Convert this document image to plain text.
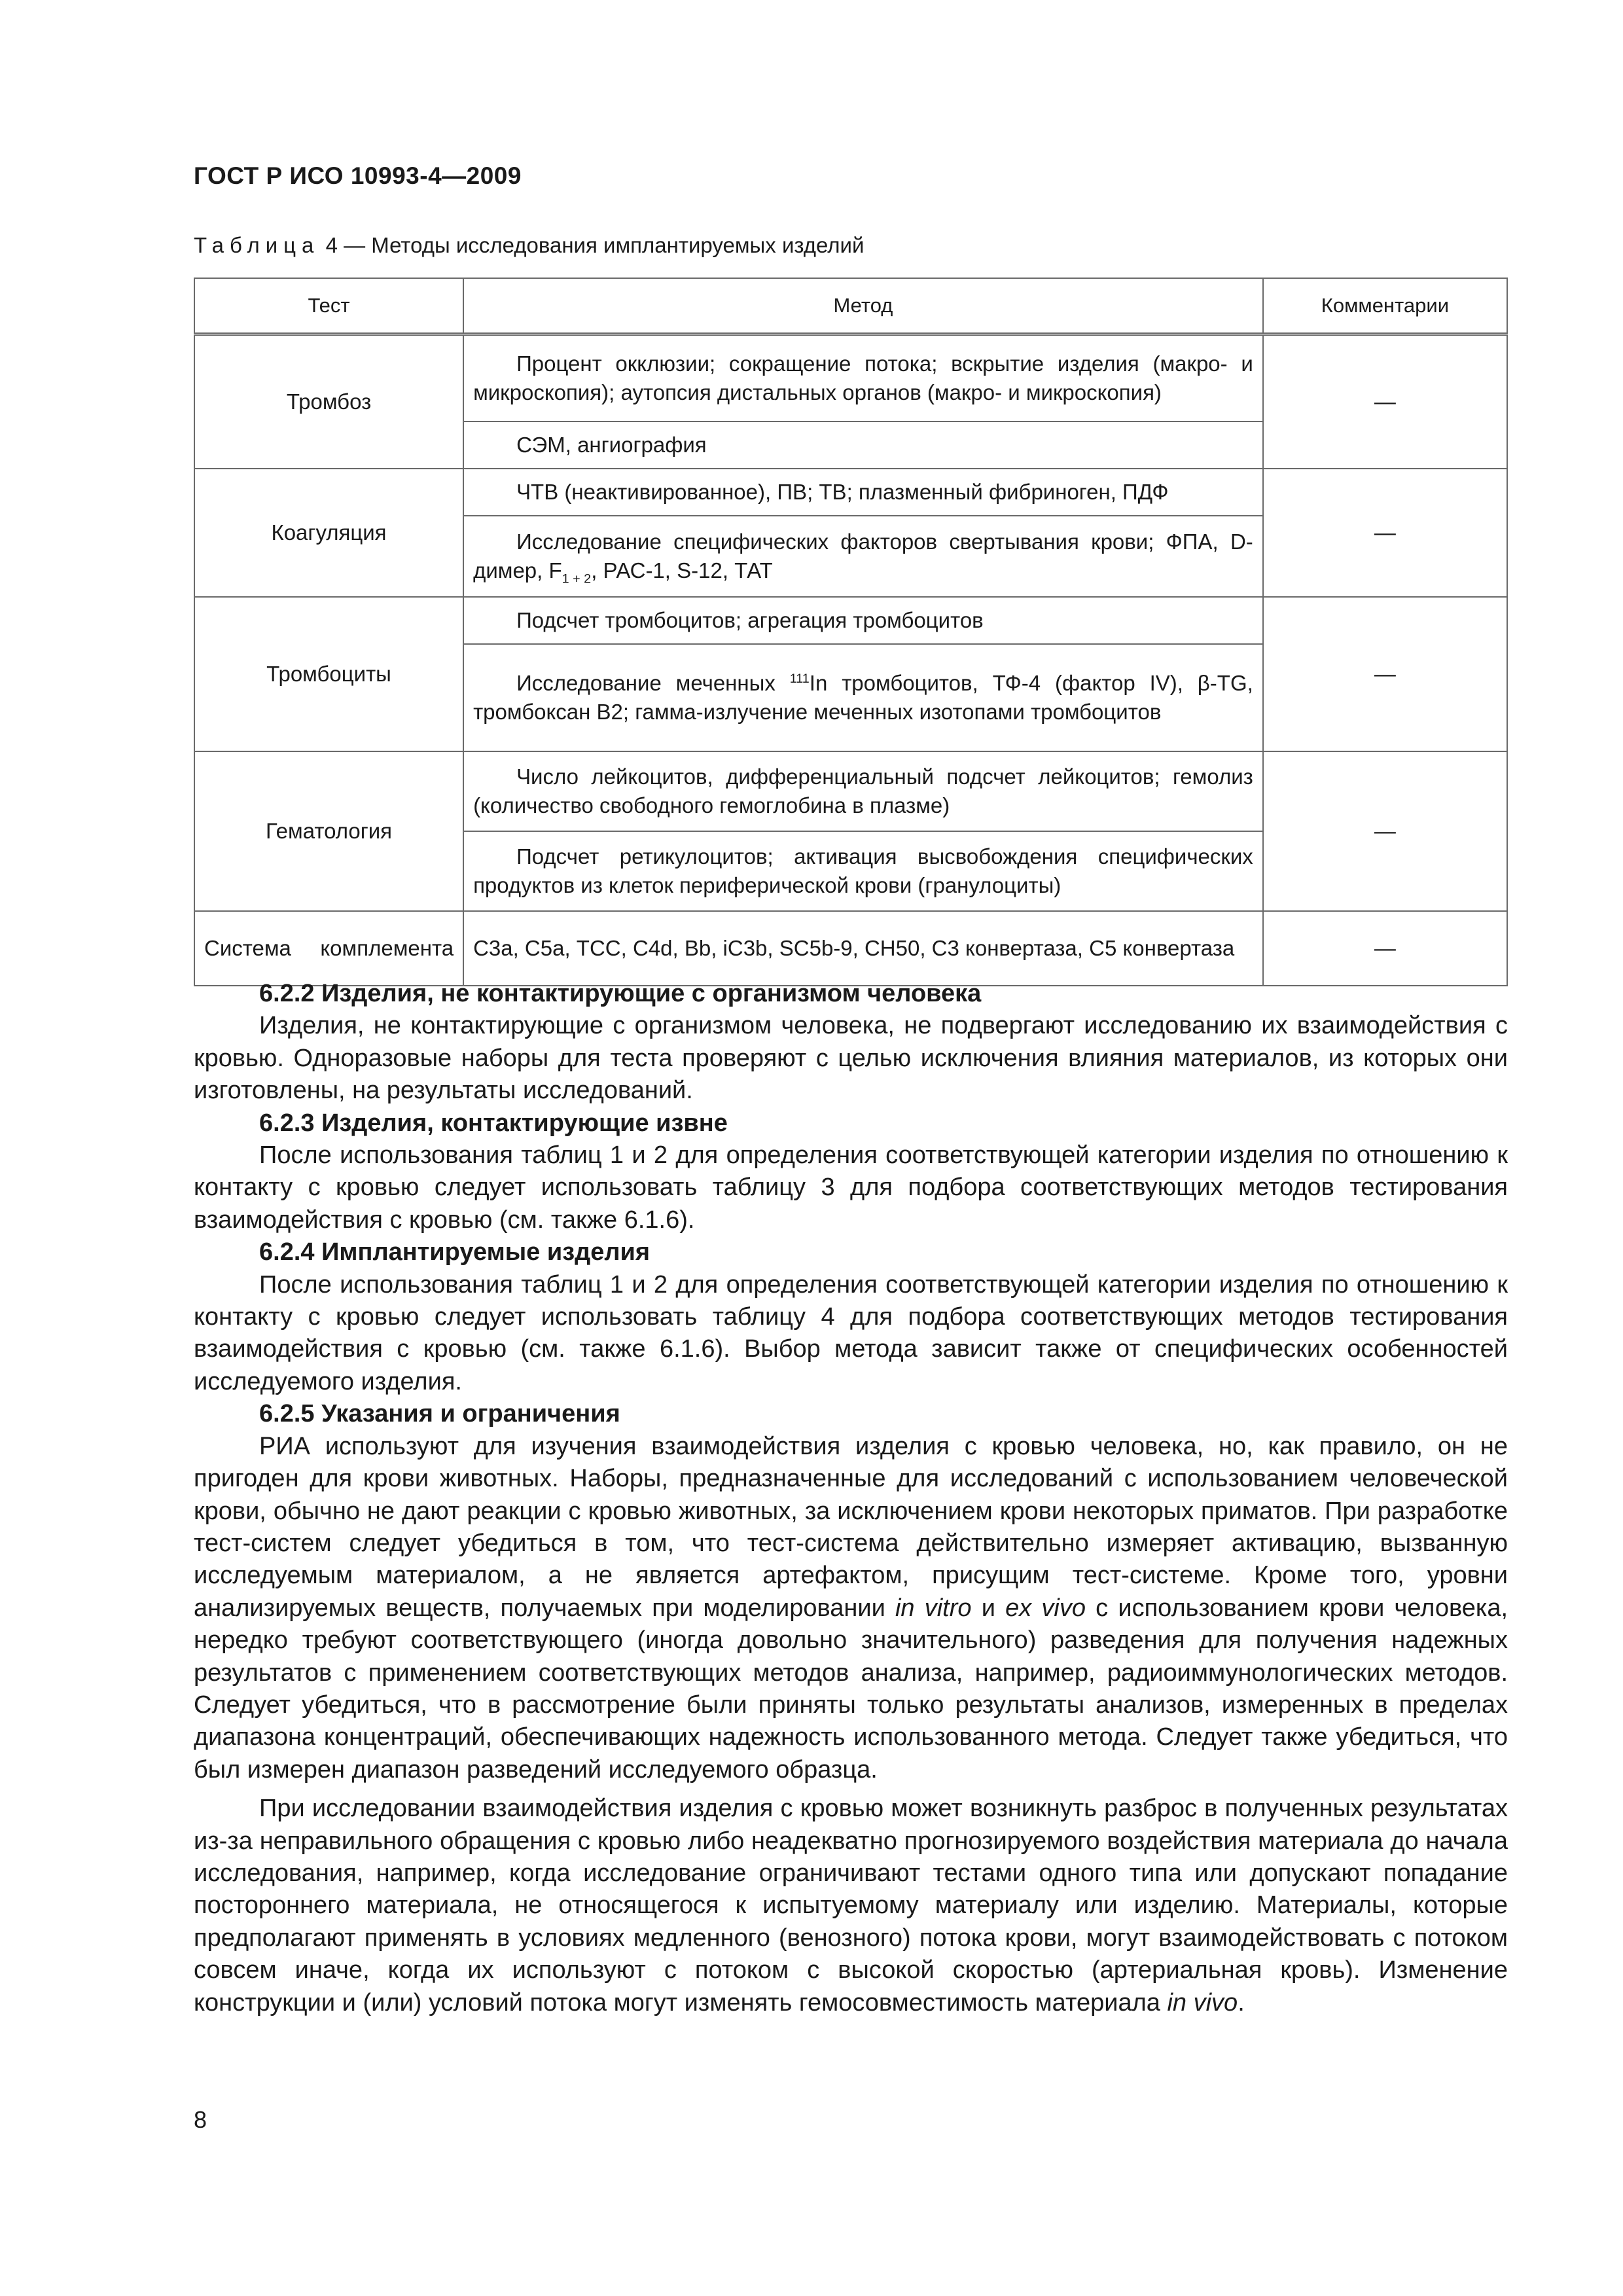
ГОСТ Р ИСО 10993-4—2009
Таблица 4 — Методы исследования имплантируемых изделий
Тест	Метод	Комментарии
Тромбоз	Процент окклюзии; сокращение потока; вскрытие изделия (макро- и микроскопия); аутопсия дистальных органов (макро- и микроскопия)	—
	СЭМ, ангиография	
Коагуляция	ЧТВ (неактивированное), ПВ; ТВ; плазменный фибриноген, ПДФ	—
	Исследование специфических факторов свертывания крови; ФПА, D-димер, $F_{1 + 2}$, РАС-1, S-12, ТАТ	
Тромбоциты	Подсчет тромбоцитов; агрегация тромбоцитов	—
	Исследование меченных $^{111}$In тромбоцитов, ТФ-4 (фактор IV), β-TG, тромбоксан В2; гамма-излучение меченных изотопами тромбоцитов	
Гематология	Число лейкоцитов, дифференциальный подсчет лейкоцитов; гемолиз (количество свободного гемоглобина в плазме)	—
	Подсчет ретикулоцитов; активация высвобождения специфических продуктов из клеток периферической крови (гранулоциты)	
Система комплемента	С3а, С5а, ТСС, С4d, Вb, iC3b, SC5b-9, CH50, C3 конвертаза, С5 конвертаза	—
6.2.2 Изделия, не контактирующие с организмом человека

Изделия, не контактирующие с организмом человека, не подвергают исследованию их взаимодействия с кровью. Одноразовые наборы для теста проверяют с целью исключения влияния материалов, из которых они изготовлены, на результаты исследований.

6.2.3 Изделия, контактирующие извне

После использования таблиц 1 и 2 для определения соответствующей категории изделия по отношению к контакту с кровью следует использовать таблицу 3 для подбора соответствующих методов тестирования взаимодействия с кровью (см. также 6.1.6).

6.2.4 Имплантируемые изделия

После использования таблиц 1 и 2 для определения соответствующей категории изделия по отношению к контакту с кровью следует использовать таблицу 4 для подбора соответствующих методов тестирования взаимодействия с кровью (см. также 6.1.6). Выбор метода зависит также от специфических особенностей исследуемого изделия.

6.2.5 Указания и ограничения

РИА используют для изучения взаимодействия изделия с кровью человека, но, как правило, он не пригоден для крови животных. Наборы, предназначенные для исследований с использованием человеческой крови, обычно не дают реакции с кровью животных, за исключением крови некоторых приматов. При разработке тест-систем следует убедиться в том, что тест-система действительно измеряет активацию, вызванную исследуемым материалом, а не является артефактом, присущим тест-системе. Кроме того, уровни анализируемых веществ, получаемых при моделировании in vitro и ex vivo с использованием крови человека, нередко требуют соответствующего (иногда довольно значительного) разведения для получения надежных результатов с применением соответствующих методов анализа, например, радиоиммунологических методов. Следует убедиться, что в рассмотрение были приняты только результаты анализов, измеренных в пределах диапазона концентраций, обеспечивающих надежность использованного метода. Следует также убедиться, что был измерен диапазон разведений исследуемого образца.

При исследовании взаимодействия изделия с кровью может возникнуть разброс в полученных результатах из-за неправильного обращения с кровью либо неадекватно прогнозируемого воздействия материала до начала исследования, например, когда исследование ограничивают тестами одного типа или допускают попадание постороннего материала, не относящегося к испытуемому материалу или изделию. Материалы, которые предполагают применять в условиях медленного (венозного) потока крови, могут взаимодействовать с потоком совсем иначе, когда их используют с потоком с высокой скоростью (артериальная кровь). Изменение конструкции и (или) условий потока могут изменять гемосовместимость материала in vivo.

8
